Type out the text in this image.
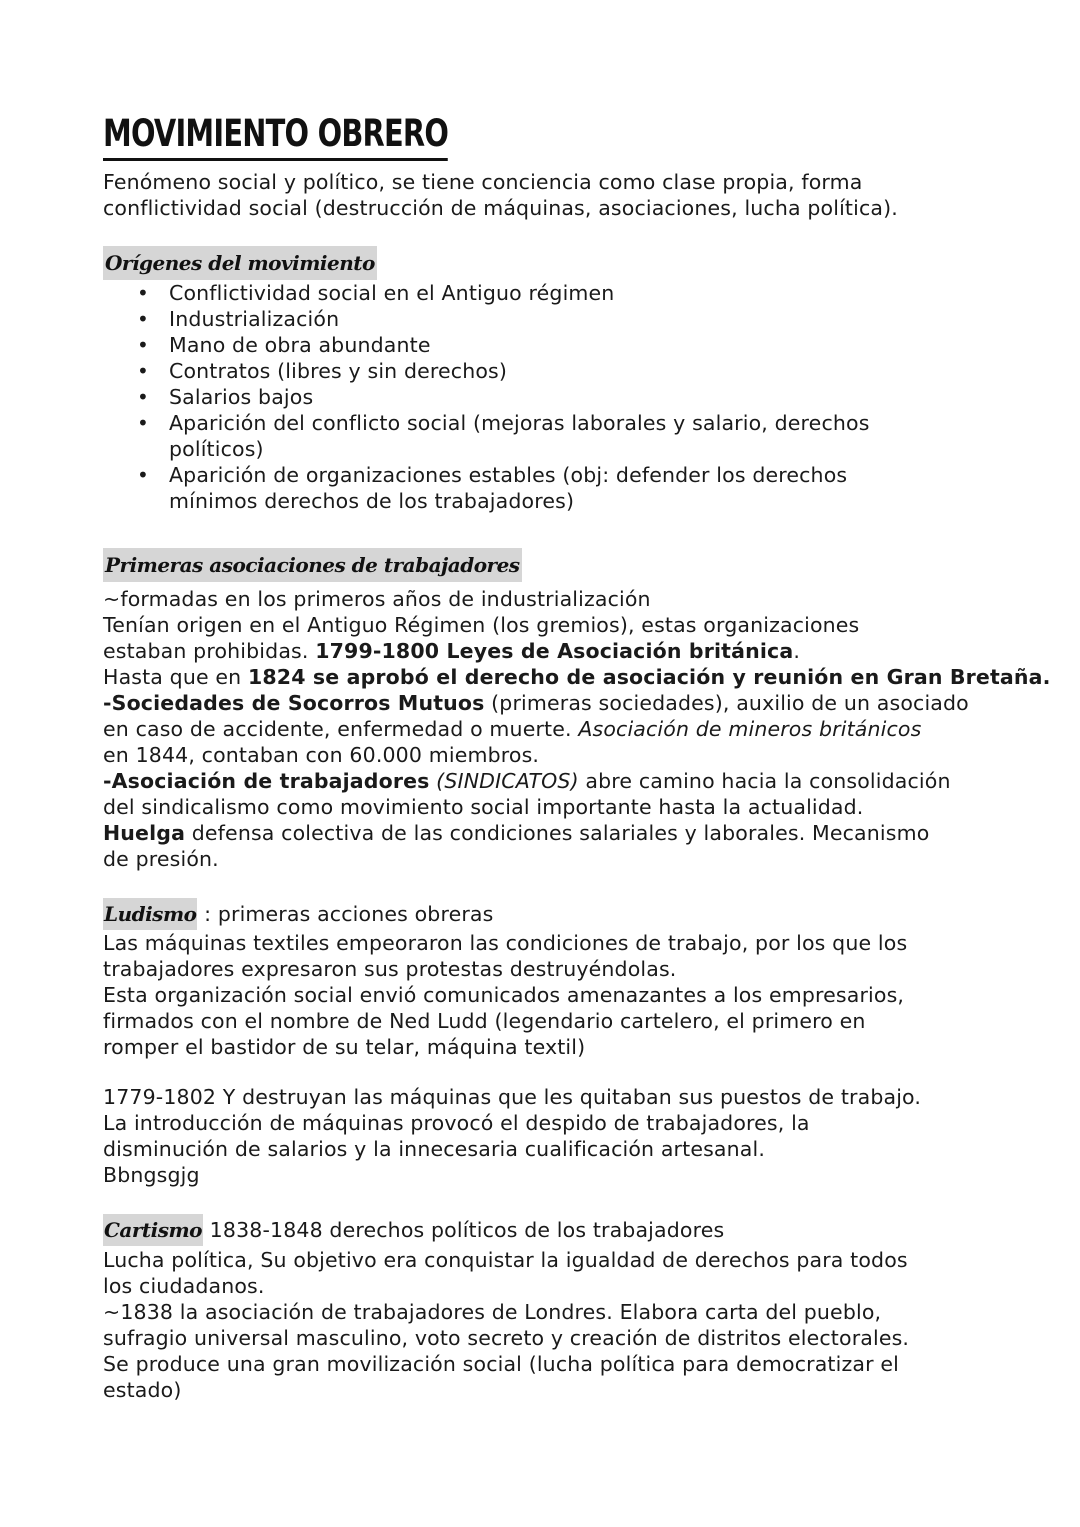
MOVIMIENTO OBRERO

Fenómeno social y político, se tiene conciencia como clase propia, forma

conflictividad social (destrucción de máquinas, asociaciones, lucha política).

Orígenes del movimiento
• Conflictividad social en el Antiguo régimen
• Industrialización
• Mano de obra abundante
• Contratos (libres y sin derechos)
• Salarios bajos
• Aparición del conflicto social (mejoras laborales y salario, derechos
políticos)
• Aparición de organizaciones estables (obj: defender los derechos
mínimos derechos de los trabajadores)
Primeras asociaciones de trabajadores

~formadas en los primeros años de industrialización

Tenían origen en el Antiguo Régimen (los gremios), estas organizaciones

estaban prohibidas. 1799-1800 Leyes de Asociación británica.

Hasta que en 1824 se aprobó el derecho de asociación y reunión en Gran Bretaña.

-Sociedades de Socorros Mutuos (primeras sociedades), auxilio de un asociado

en caso de accidente, enfermedad o muerte. Asociación de mineros británicos

en 1844, contaban con 60.000 miembros.

-Asociación de trabajadores (SINDICATOS) abre camino hacia la consolidación

del sindicalismo como movimiento social importante hasta la actualidad.

Huelga defensa colectiva de las condiciones salariales y laborales. Mecanismo

de presión.

Ludismo : primeras acciones obreras

Las máquinas textiles empeoraron las condiciones de trabajo, por los que los

trabajadores expresaron sus protestas destruyéndolas.

Esta organización social envió comunicados amenazantes a los empresarios,

firmados con el nombre de Ned Ludd (legendario cartelero, el primero en

romper el bastidor de su telar, máquina textil)

1779-1802 Y destruyan las máquinas que les quitaban sus puestos de trabajo.

La introducción de máquinas provocó el despido de trabajadores, la

disminución de salarios y la innecesaria cualificación artesanal.

Bbngsgjg

Cartismo 1838-1848 derechos políticos de los trabajadores

Lucha política, Su objetivo era conquistar la igualdad de derechos para todos

los ciudadanos.

~1838 la asociación de trabajadores de Londres. Elabora carta del pueblo,

sufragio universal masculino, voto secreto y creación de distritos electorales.

Se produce una gran movilización social (lucha política para democratizar el

estado)
